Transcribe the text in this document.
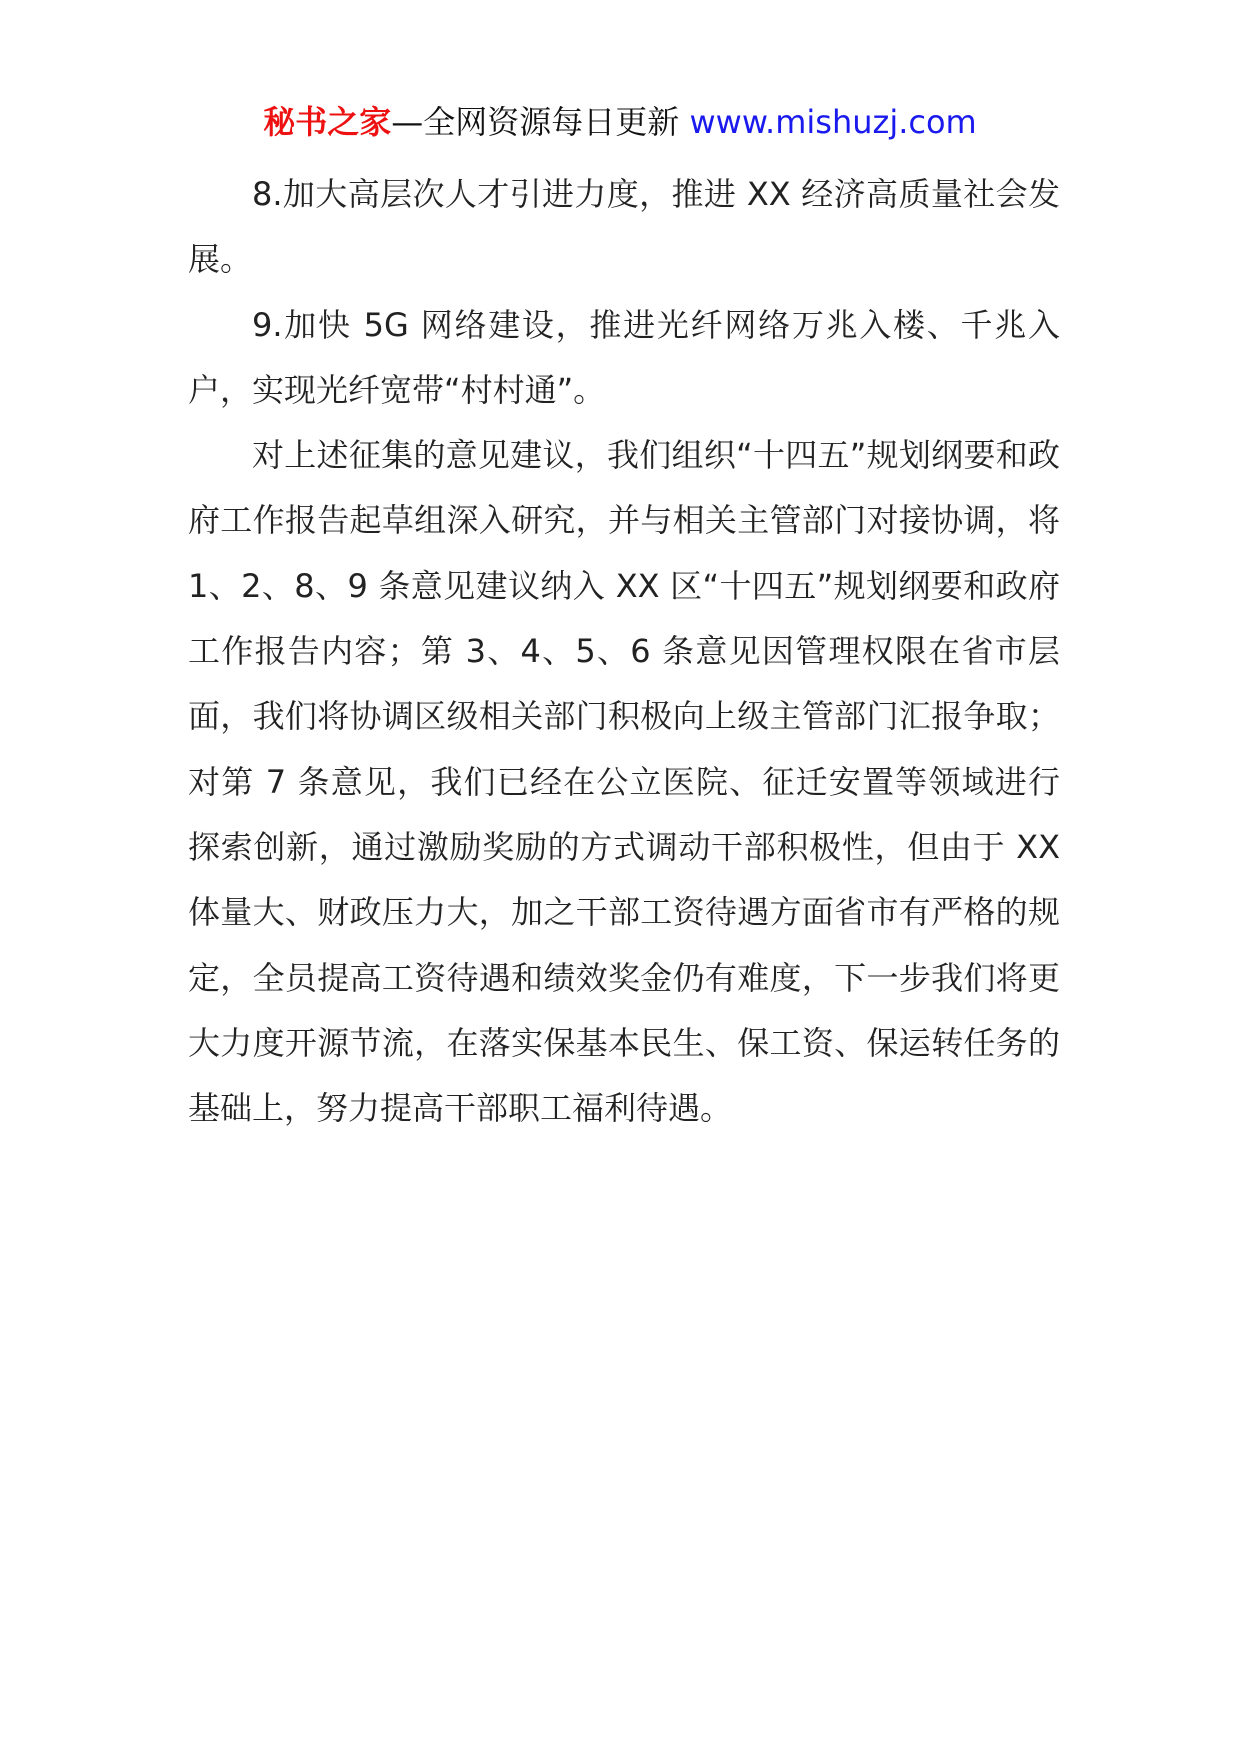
秘书之家—全网资源每日更新 www.mishuzj.com

8.加大高层次人才引进力度，推进 XX 经济高质量社会发展。

9.加快 5G 网络建设，推进光纤网络万兆入楼、千兆入户，实现光纤宽带“村村通”。

对上述征集的意见建议，我们组织“十四五”规划纲要和政府工作报告起草组深入研究，并与相关主管部门对接协调，将 1、2、8、9 条意见建议纳入 XX 区“十四五”规划纲要和政府工作报告内容；第 3、4、5、6 条意见因管理权限在省市层面，我们将协调区级相关部门积极向上级主管部门汇报争取；对第 7 条意见，我们已经在公立医院、征迁安置等领域进行探索创新，通过激励奖励的方式调动干部积极性，但由于 XX 体量大、财政压力大，加之干部工资待遇方面省市有严格的规定，全员提高工资待遇和绩效奖金仍有难度，下一步我们将更大力度开源节流，在落实保基本民生、保工资、保运转任务的基础上，努力提高干部职工福利待遇。
